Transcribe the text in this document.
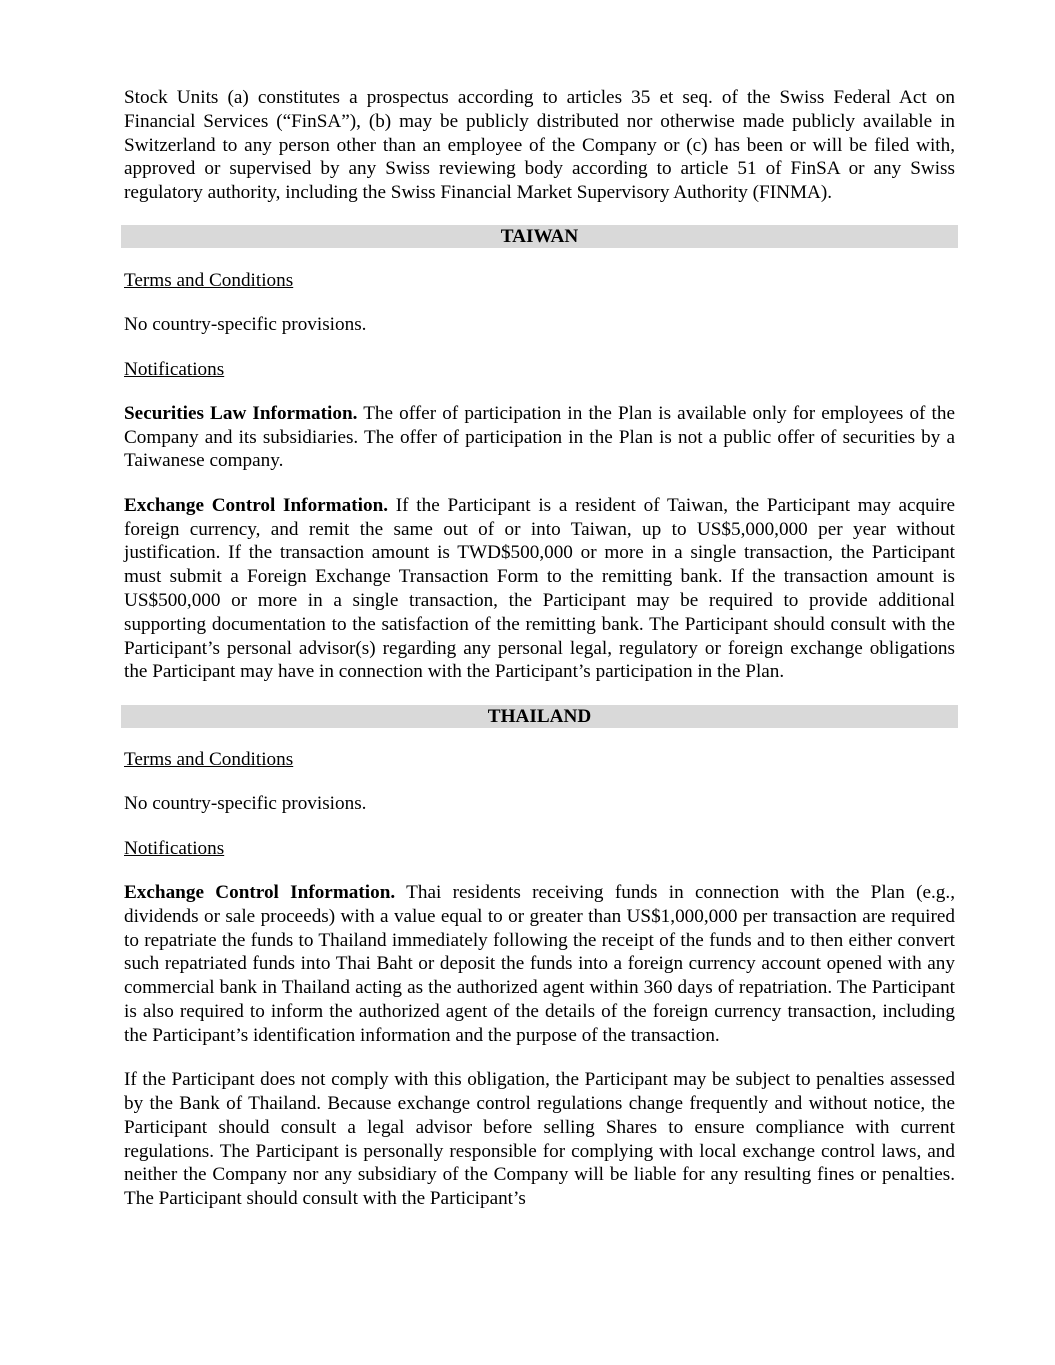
Stock Units (a) constitutes a prospectus according to articles 35 et seq. of the Swiss Federal Act on Financial Services (“FinSA”), (b) may be publicly distributed nor otherwise made publicly available in Switzerland to any person other than an employee of the Company or (c) has been or will be filed with, approved or supervised by any Swiss reviewing body according to article 51 of FinSA or any Swiss regulatory authority, including the Swiss Financial Market Supervisory Authority (FINMA).

TAIWAN

Terms and Conditions

No country-specific provisions.

Notifications

Securities Law Information. The offer of participation in the Plan is available only for employees of the Company and its subsidiaries. The offer of participation in the Plan is not a public offer of securities by a Taiwanese company.

Exchange Control Information. If the Participant is a resident of Taiwan, the Participant may acquire foreign currency, and remit the same out of or into Taiwan, up to US$5,000,000 per year without justification. If the transaction amount is TWD$500,000 or more in a single transaction, the Participant must submit a Foreign Exchange Transaction Form to the remitting bank. If the transaction amount is US$500,000 or more in a single transaction, the Participant may be required to provide additional supporting documentation to the satisfaction of the remitting bank. The Participant should consult with the Participant’s personal advisor(s) regarding any personal legal, regulatory or foreign exchange obligations the Participant may have in connection with the Participant’s participation in the Plan.

THAILAND

Terms and Conditions

No country-specific provisions.

Notifications

Exchange Control Information. Thai residents receiving funds in connection with the Plan (e.g., dividends or sale proceeds) with a value equal to or greater than US$1,000,000 per transaction are required to repatriate the funds to Thailand immediately following the receipt of the funds and to then either convert such repatriated funds into Thai Baht or deposit the funds into a foreign currency account opened with any commercial bank in Thailand acting as the authorized agent within 360 days of repatriation. The Participant is also required to inform the authorized agent of the details of the foreign currency transaction, including the Participant’s identification information and the purpose of the transaction.

If the Participant does not comply with this obligation, the Participant may be subject to penalties assessed by the Bank of Thailand. Because exchange control regulations change frequently and without notice, the Participant should consult a legal advisor before selling Shares to ensure compliance with current regulations. The Participant is personally responsible for complying with local exchange control laws, and neither the Company nor any subsidiary of the Company will be liable for any resulting fines or penalties. The Participant should consult with the Participant’s
